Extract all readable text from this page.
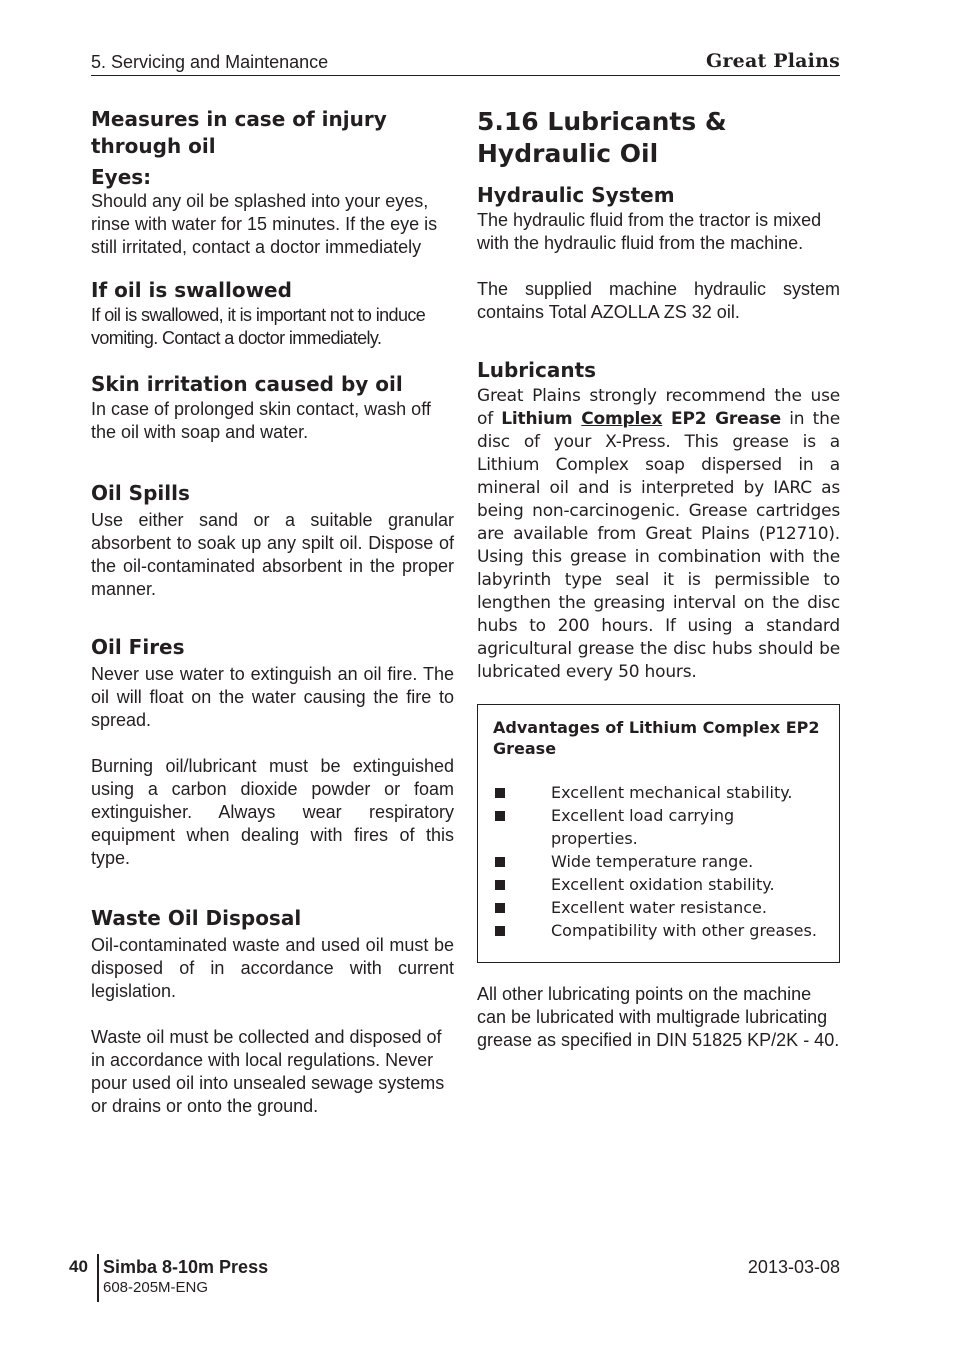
5. Servicing and Maintenance	Great Plains
Measures in case of injury through oil
Eyes:

Should any oil be splashed into your eyes, rinse with water for 15 minutes. If the eye is still irritated, contact a doctor immediately

If oil is swallowed

If oil is swallowed, it is important not to induce vomiting. Contact a doctor immediately.

Skin irritation caused by oil

In case of prolonged skin contact, wash off the oil with soap and water.

Oil Spills

Use either sand or a suitable granular absorbent to soak up any spilt oil. Dispose of the oil-contaminated absorbent in the proper manner.

Oil Fires

Never use water to extinguish an oil fire. The oil will float on the water causing the fire to spread.

Burning oil/lubricant must be extinguished using a carbon dioxide powder or foam extinguisher. Always wear respiratory equipment when dealing with fires of this type.

Waste Oil Disposal

Oil-contaminated waste and used oil must be disposed of in accordance with current legislation.

Waste oil must be collected and disposed of in accordance with local regulations. Never pour used oil into unsealed sewage systems or drains or onto the ground.

5.16 Lubricants & Hydraulic Oil
Hydraulic System

The hydraulic fluid from the tractor is mixed with the hydraulic fluid from the machine.

The supplied machine hydraulic system contains Total AZOLLA ZS 32 oil.

Lubricants

Great Plains strongly recommend the use of Lithium Complex EP2 Grease in the disc of your X-Press. This grease is a Lithium Complex soap dispersed in a mineral oil and is interpreted by IARC as being non-carcinogenic. Grease cartridges are available from Great Plains (P12710). Using this grease in combination with the labyrinth type seal it is permissible to lengthen the greasing interval on the disc hubs to 200 hours. If using a standard agricultural grease the disc hubs should be lubricated every 50 hours.

Advantages of Lithium Complex EP2 Grease
Excellent mechanical stability.
Excellent load carrying properties.
Wide temperature range.
Excellent oxidation stability.
Excellent water resistance.
Compatibility with other greases.

All other lubricating points on the machine can be lubricated with multigrade lubricating grease as specified in DIN 51825 KP/2K - 40.

40 Simba 8-10m Press
608-205M-ENG
2013-03-08
